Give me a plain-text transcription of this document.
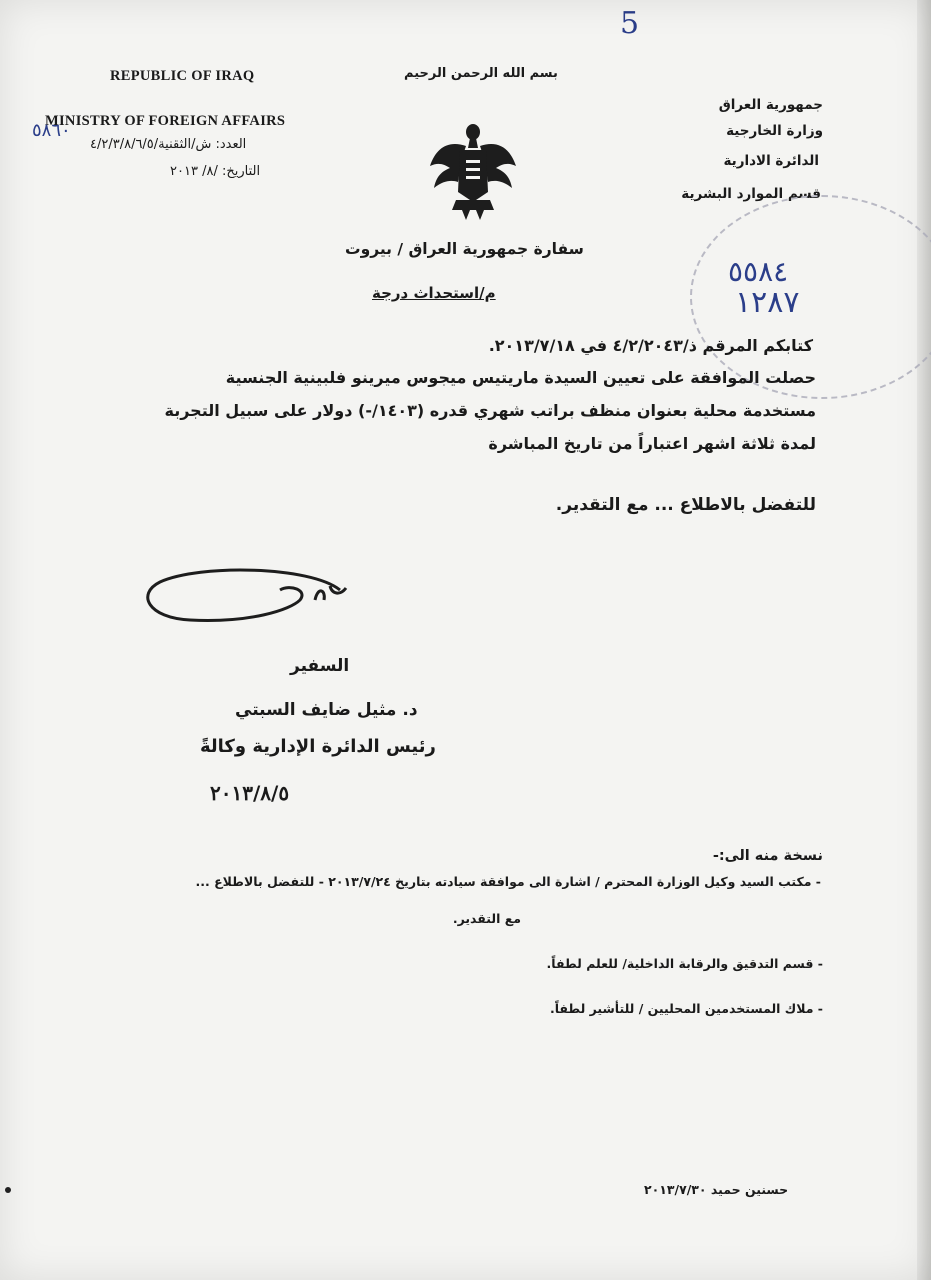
5
بسم الله الرحمن الرحيم
REPUBLIC OF IRAQ
MINISTRY OF FOREIGN AFFAIRS
٥٨٦٠
العدد: ش/الثقنية/٤/٢/٣/٨/٦/٥
التاريخ: /٨/ ٢٠١٣
جمهورية العراق
وزارة الخارجية
الدائرة الادارية
قسم الموارد البشرية
٥٥٨٤
١٢٨٧
سفارة جمهورية العراق / بيروت
م/استحداث درجة
كتابكم المرقم ذ/٤/٢/٢٠٤٣ في ٢٠١٣/٧/١٨.
حصلت الموافقة على تعيين السيدة ماريتيس ميجوس ميرينو فلبينية الجنسية
مستخدمة محلية بعنوان منظف براتب شهري قدره (١٤٠٣/-) دولار على سبيل التجربة
لمدة ثلاثة اشهر اعتباراً من تاريخ المباشرة
للتفضل بالاطلاع ... مع التقدير.
السفير
د. مثيل ضايف السبتي
رئيس الدائرة الإدارية وكالةً
٢٠١٣/٨/٥
نسخة منه الى:-
- مكتب السيد وكيل الوزارة المحترم / اشارة الى موافقة سيادته بتاريخ ٢٠١٣/٧/٢٤ - للتفضل بالاطلاع ...
مع التقدير.
- قسم التدقيق والرقابة الداخلية/ للعلم لطفاً.
- ملاك المستخدمين المحليين / للتأشير لطفاً.
حسنين حميد ٢٠١٣/٧/٣٠
